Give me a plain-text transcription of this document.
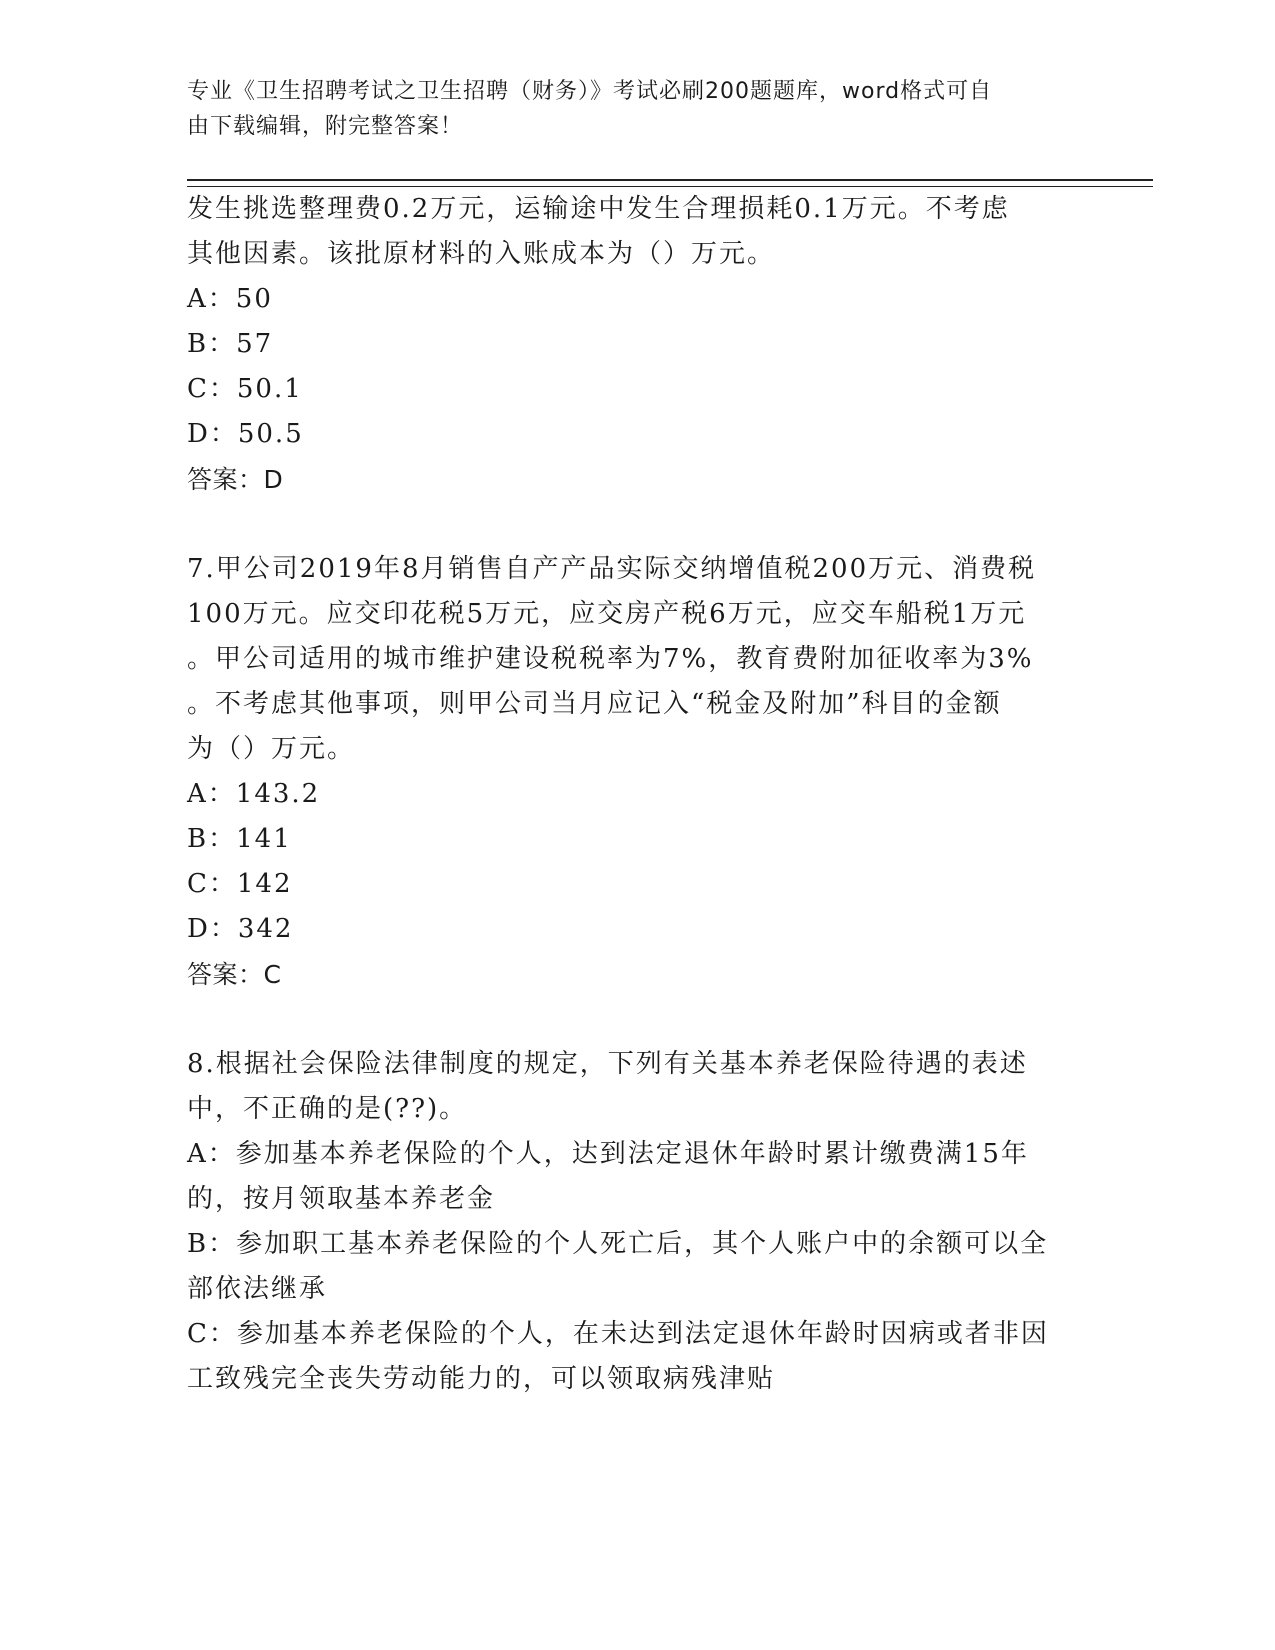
专业《卫生招聘考试之卫生招聘（财务）》考试必刷200题题库，word格式可自
由下载编辑，附完整答案！
发生挑选整理费0.2万元，运输途中发生合理损耗0.1万元。不考虑
其他因素。该批原材料的入账成本为（）万元。
A：50
B：57
C：50.1
D：50.5
答案：D
7.甲公司2019年8月销售自产产品实际交纳增值税200万元、消费税
100万元。应交印花税5万元，应交房产税6万元，应交车船税1万元
。甲公司适用的城市维护建设税税率为7%，教育费附加征收率为3%
。不考虑其他事项，则甲公司当月应记入“税金及附加”科目的金额
为（）万元。
A：143.2
B：141
C：142
D：342
答案：C
8.根据社会保险法律制度的规定，下列有关基本养老保险待遇的表述
中，不正确的是(??)。
A：参加基本养老保险的个人，达到法定退休年龄时累计缴费满15年
的，按月领取基本养老金
B：参加职工基本养老保险的个人死亡后，其个人账户中的余额可以全
部依法继承
C：参加基本养老保险的个人，在未达到法定退休年龄时因病或者非因
工致残完全丧失劳动能力的，可以领取病残津贴
